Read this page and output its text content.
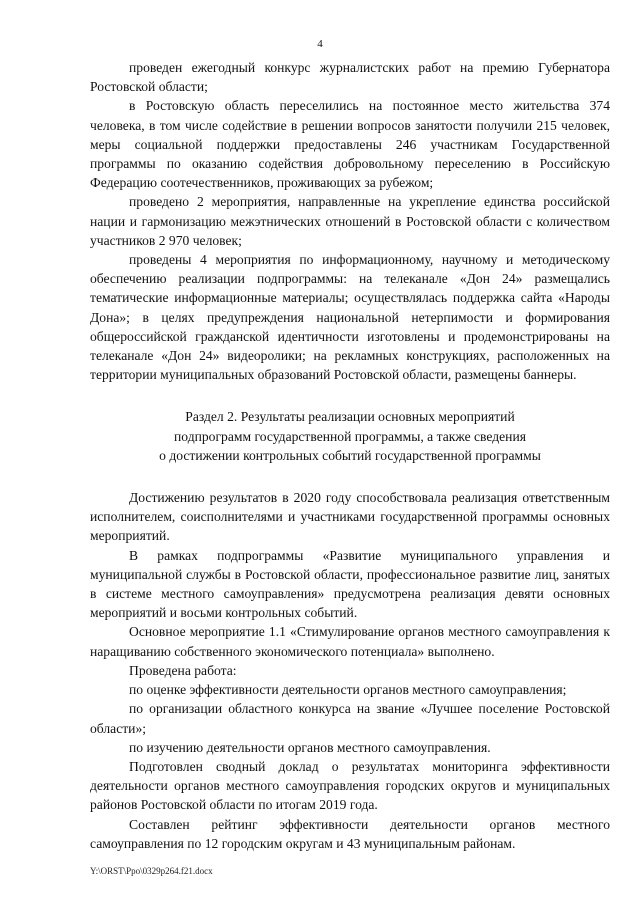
4

проведен ежегодный конкурс журналистских работ на премию Губернатора Ростовской области;

в Ростовскую область переселились на постоянное место жительства 374 человека, в том числе содействие в решении вопросов занятости получили 215 человек, меры социальной поддержки предоставлены 246 участникам Государственной программы по оказанию содействия добровольному переселению в Российскую Федерацию соотечественников, проживающих за рубежом;

проведено 2 мероприятия, направленные на укрепление единства российской нации и гармонизацию межэтнических отношений в Ростовской области с количеством участников 2 970 человек;

проведены 4 мероприятия по информационному, научному и методическому обеспечению реализации подпрограммы: на телеканале «Дон 24» размещались тематические информационные материалы; осуществлялась поддержка сайта «Народы Дона»; в целях предупреждения национальной нетерпимости и формирования общероссийской гражданской идентичности изготовлены и продемонстрированы на телеканале «Дон 24» видеоролики; на рекламных конструкциях, расположенных на территории муниципальных образований Ростовской области, размещены баннеры.

Раздел 2. Результаты реализации основных мероприятий
подпрограмм государственной программы, а также сведения
о достижении контрольных событий государственной программы

Достижению результатов в 2020 году способствовала реализация ответственным исполнителем, соисполнителями и участниками государственной программы основных мероприятий.

В рамках подпрограммы «Развитие муниципального управления и муниципальной службы в Ростовской области, профессиональное развитие лиц, занятых в системе местного самоуправления» предусмотрена реализация девяти основных мероприятий и восьми контрольных событий.

Основное мероприятие 1.1 «Стимулирование органов местного самоуправления к наращиванию собственного экономического потенциала» выполнено.

Проведена работа:

по оценке эффективности деятельности органов местного самоуправления;

по организации областного конкурса на звание «Лучшее поселение Ростовской области»;

по изучению деятельности органов местного самоуправления.

Подготовлен сводный доклад о результатах мониторинга эффективности деятельности органов местного самоуправления городских округов и муниципальных районов Ростовской области по итогам 2019 года.

Составлен рейтинг эффективности деятельности органов местного самоуправления по 12 городским округам и 43 муниципальным районам.

Y:\ORST\Ppo\0329p264.f21.docx
